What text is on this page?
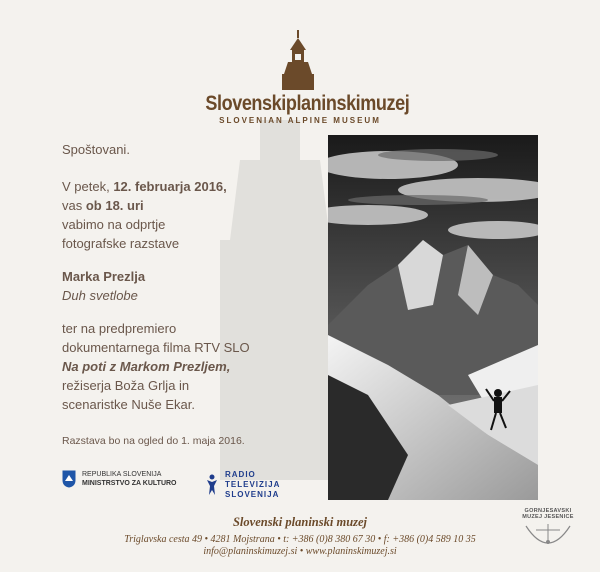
Slovenskiplaninskimuzej
SLOVENIAN ALPINE MUSEUM

Spoštovani.

V petek, 12. februarja 2016,

vas ob 18. uri

vabimo na odprtje

fotografske razstave

Marka Prezlja

Duh svetlobe

ter na predpremiero

dokumentarnega filma RTV SLO

Na poti z Markom Prezljem,

režiserja Boža Grlja in

scenaristke Nuše Ekar.

Razstava bo na ogled do 1. maja 2016.

REPUBLIKA SLOVENIJA
MINISTRSTVO ZA KULTURO
RADIO
TELEVIZIJA
SLOVENIJA
Slovenski planinski muzej
Triglavska cesta 49 • 4281 Mojstrana • t: +386 (0)8 380 67 30 • f: +386 (0)4 589 10 35
info@planinskimuzej.si • www.planinskimuzej.si
GORNJESAVSKI
MUZEJ JESENICE
